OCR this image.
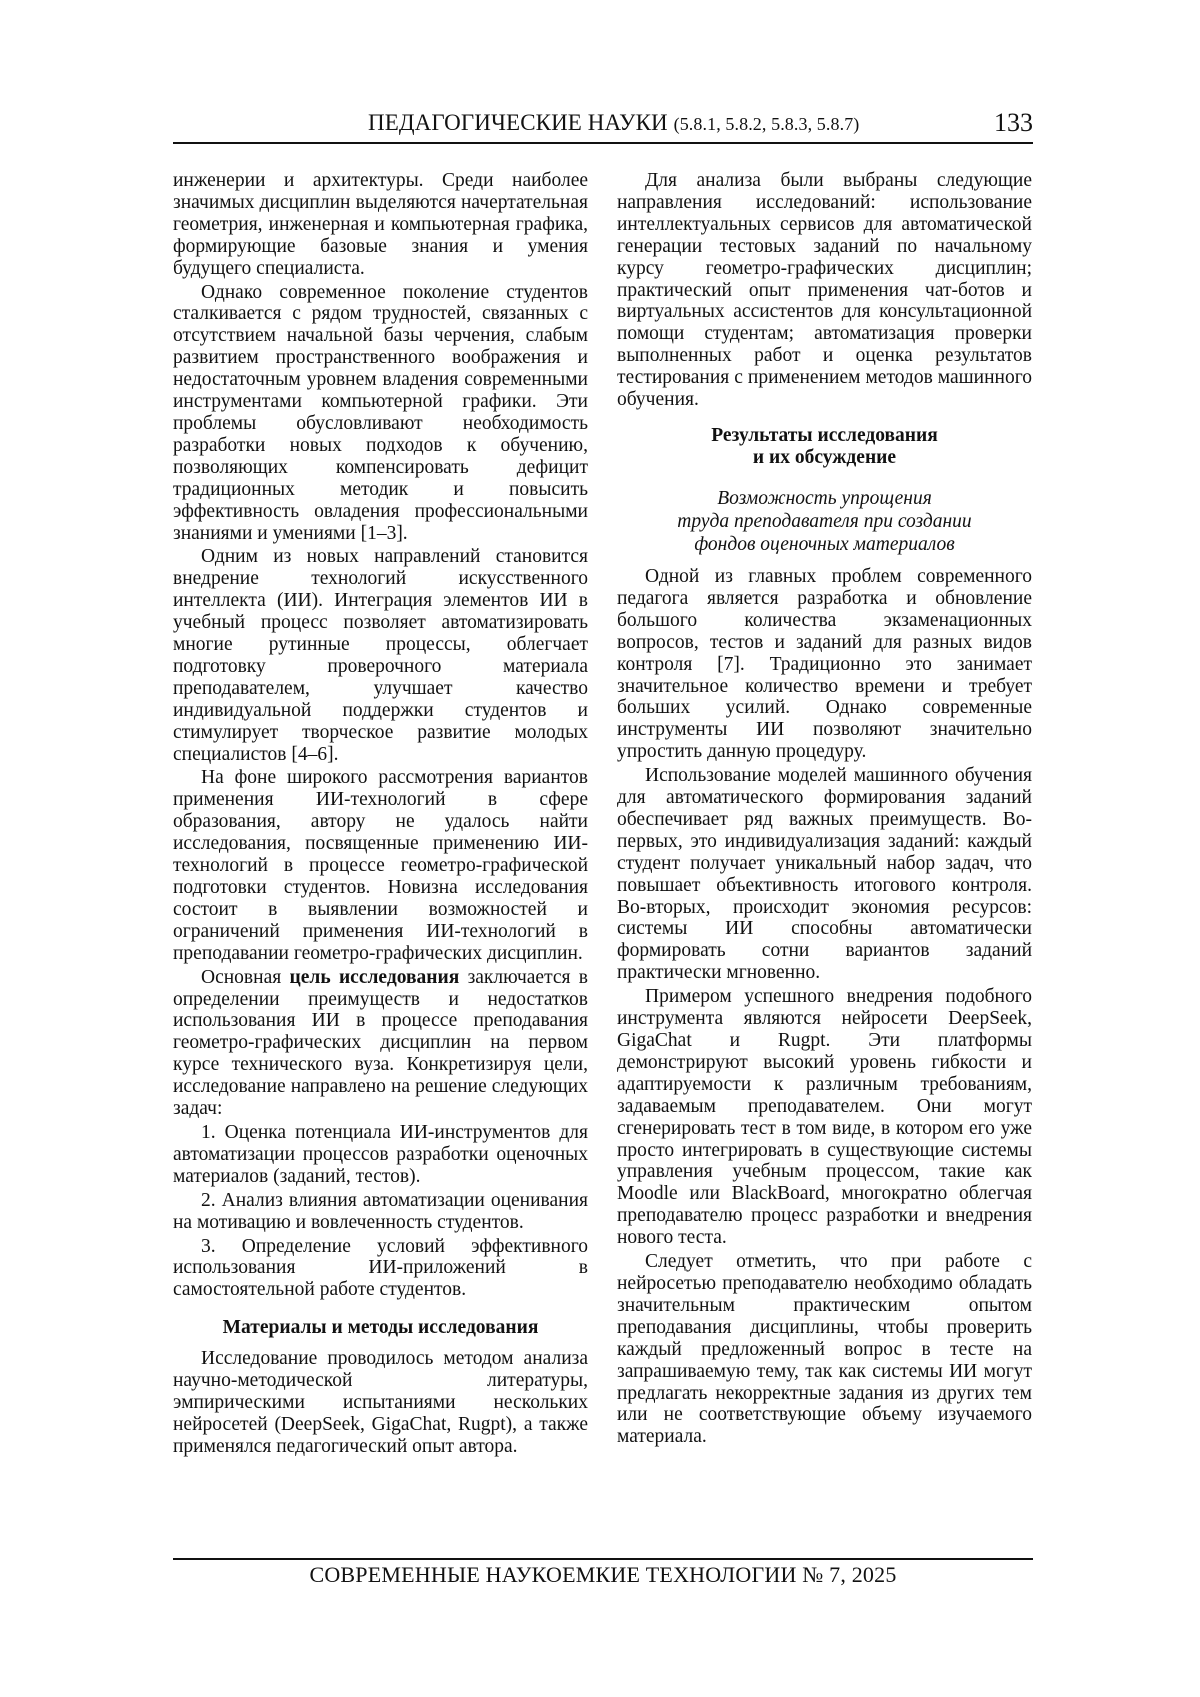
ПЕДАГОГИЧЕСКИЕ НАУКИ (5.8.1, 5.8.2, 5.8.3, 5.8.7)	133

инженерии и архитектуры. Среди наиболее значимых дисциплин выделяются начертательная геометрия, инженерная и компьютерная графика, формирующие базовые знания и умения будущего специалиста.

Однако современное поколение студентов сталкивается с рядом трудностей, связанных с отсутствием начальной базы черчения, слабым развитием пространственного воображения и недостаточным уровнем владения современными инструментами компьютерной графики. Эти проблемы обусловливают необходимость разработки новых подходов к обучению, позволяющих компенсировать дефицит традиционных методик и повысить эффективность овладения профессиональными знаниями и умениями [1–3].

Одним из новых направлений становится внедрение технологий искусственного интеллекта (ИИ). Интеграция элементов ИИ в учебный процесс позволяет автоматизировать многие рутинные процессы, облегчает подготовку проверочного материала преподавателем, улучшает качество индивидуальной поддержки студентов и стимулирует творческое развитие молодых специалистов [4–6].

На фоне широкого рассмотрения вариантов применения ИИ-технологий в сфере образования, автору не удалось найти исследования, посвященные применению ИИ-технологий в процессе геометро-графической подготовки студентов. Новизна исследования состоит в выявлении возможностей и ограничений применения ИИ-технологий в преподавании геометро-графических дисциплин.

Основная цель исследования заключается в определении преимуществ и недостатков использования ИИ в процессе преподавания геометро-графических дисциплин на первом курсе технического вуза. Конкретизируя цели, исследование направлено на решение следующих задач:

1. Оценка потенциала ИИ-инструментов для автоматизации процессов разработки оценочных материалов (заданий, тестов).

2. Анализ влияния автоматизации оценивания на мотивацию и вовлеченность студентов.

3. Определение условий эффективного использования ИИ-приложений в самостоятельной работе студентов.

Материалы и методы исследования

Исследование проводилось методом анализа научно-методической литературы, эмпирическими испытаниями нескольких нейросетей (DeepSeek, GigaChat, Rugpt), а также применялся педагогический опыт автора.

Для анализа были выбраны следующие направления исследований: использование интеллектуальных сервисов для автоматической генерации тестовых заданий по начальному курсу геометро-графических дисциплин; практический опыт применения чат-ботов и виртуальных ассистентов для консультационной помощи студентам; автоматизация проверки выполненных работ и оценка результатов тестирования с применением методов машинного обучения.

Результаты исследования
и их обсуждение
Возможность упрощения
труда преподавателя при создании
фондов оценочных материалов

Одной из главных проблем современного педагога является разработка и обновление большого количества экзаменационных вопросов, тестов и заданий для разных видов контроля [7]. Традиционно это занимает значительное количество времени и требует больших усилий. Однако современные инструменты ИИ позволяют значительно упростить данную процедуру.

Использование моделей машинного обучения для автоматического формирования заданий обеспечивает ряд важных преимуществ. Во-первых, это индивидуализация заданий: каждый студент получает уникальный набор задач, что повышает объективность итогового контроля. Во-вторых, происходит экономия ресурсов: системы ИИ способны автоматически формировать сотни вариантов заданий практически мгновенно.

Примером успешного внедрения подобного инструмента являются нейросети DeepSeek, GigaChat и Rugpt. Эти платформы демонстрируют высокий уровень гибкости и адаптируемости к различным требованиям, задаваемым преподавателем. Они могут сгенерировать тест в том виде, в котором его уже просто интегрировать в существующие системы управления учебным процессом, такие как Moodle или BlackBoard, многократно облегчая преподавателю процесс разработки и внедрения нового теста.

Следует отметить, что при работе с нейросетью преподавателю необходимо обладать значительным практическим опытом преподавания дисциплины, чтобы проверить каждый предложенный вопрос в тесте на запрашиваемую тему, так как системы ИИ могут предлагать некорректные задания из других тем или не соответствующие объему изучаемого материала.

СОВРЕМЕННЫЕ НАУКОЕМКИЕ ТЕХНОЛОГИИ № 7, 2025
